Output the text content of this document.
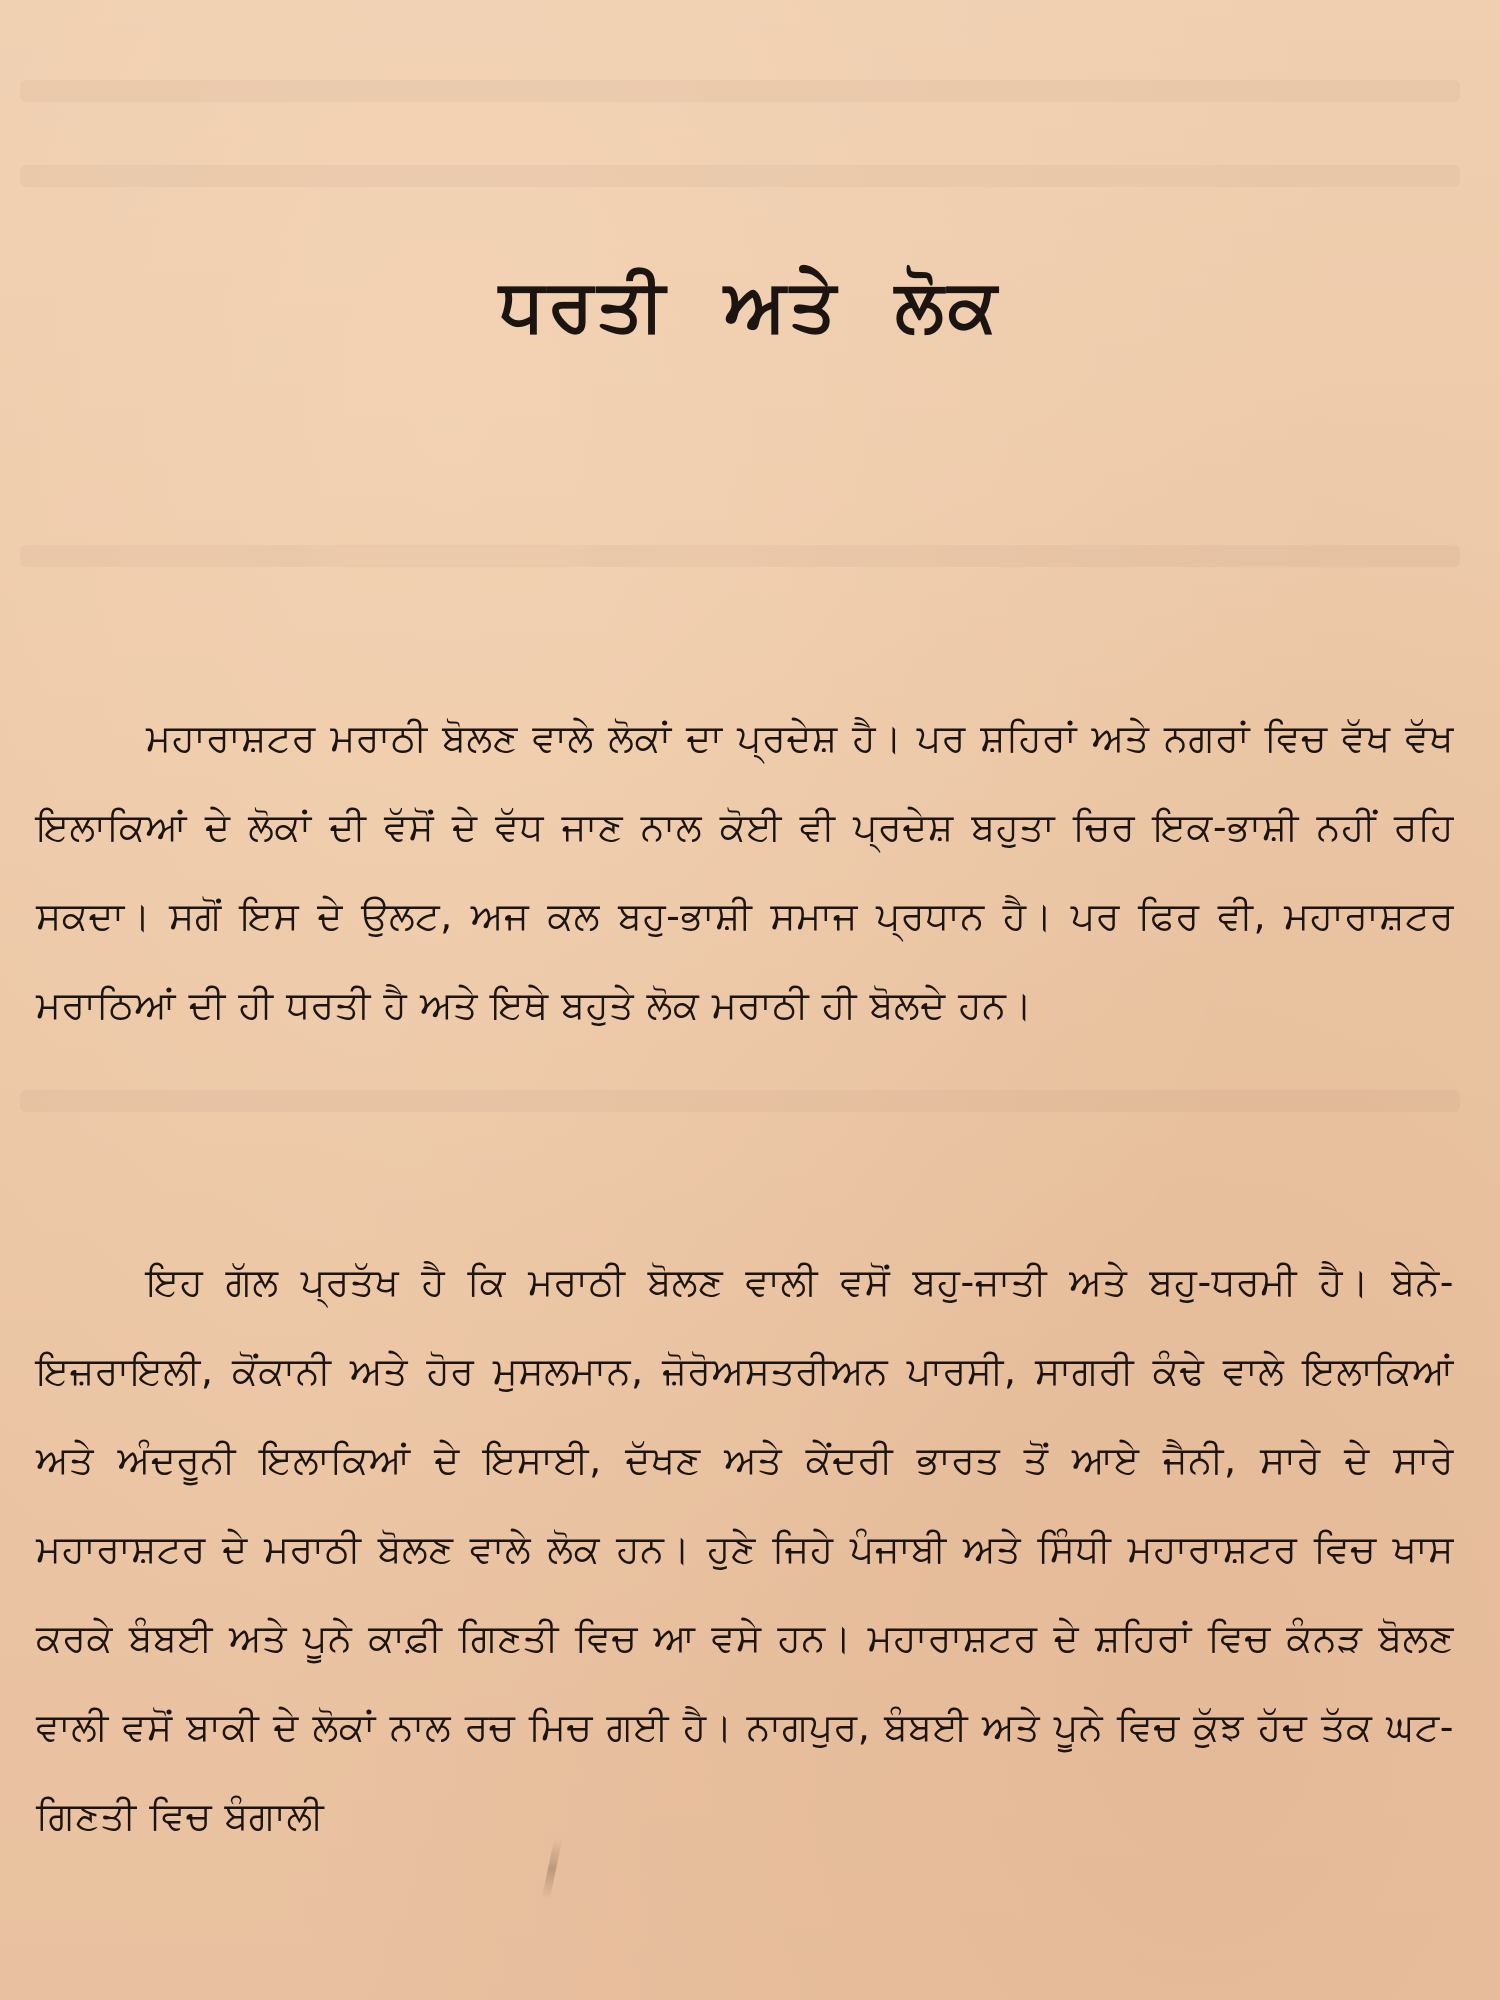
ਧਰਤੀ ਅਤੇ ਲੋਕ

ਮਹਾਰਾਸ਼ਟਰ ਮਰਾਠੀ ਬੋਲਣ ਵਾਲੇ ਲੋਕਾਂ ਦਾ ਪ੍ਰਦੇਸ਼ ਹੈ। ਪਰ ਸ਼ਹਿਰਾਂ ਅਤੇ ਨਗਰਾਂ ਵਿਚ ਵੱਖ ਵੱਖ ਇਲਾਕਿਆਂ ਦੇ ਲੋਕਾਂ ਦੀ ਵੱਸੋਂ ਦੇ ਵੱਧ ਜਾਣ ਨਾਲ ਕੋਈ ਵੀ ਪ੍ਰਦੇਸ਼ ਬਹੁਤਾ ਚਿਰ ਇਕ-ਭਾਸ਼ੀ ਨਹੀਂ ਰਹਿ ਸਕਦਾ। ਸਗੋਂ ਇਸ ਦੇ ਉਲਟ, ਅਜ ਕਲ ਬਹੁ-ਭਾਸ਼ੀ ਸਮਾਜ ਪ੍ਰਧਾਨ ਹੈ। ਪਰ ਫਿਰ ਵੀ, ਮਹਾਰਾਸ਼ਟਰ ਮਰਾਠਿਆਂ ਦੀ ਹੀ ਧਰਤੀ ਹੈ ਅਤੇ ਇਥੇ ਬਹੁਤੇ ਲੋਕ ਮਰਾਠੀ ਹੀ ਬੋਲਦੇ ਹਨ।

ਇਹ ਗੱਲ ਪ੍ਰਤੱਖ ਹੈ ਕਿ ਮਰਾਠੀ ਬੋਲਣ ਵਾਲੀ ਵਸੋਂ ਬਹੁ-ਜਾਤੀ ਅਤੇ ਬਹੁ-ਧਰਮੀ ਹੈ। ਬੇਨੇ-ਇਜ਼ਰਾਇਲੀ, ਕੋਂਕਾਨੀ ਅਤੇ ਹੋਰ ਮੁਸਲਮਾਨ, ਜ਼ੋਰੋਅਸਤਰੀਅਨ ਪਾਰਸੀ, ਸਾਗਰੀ ਕੰਢੇ ਵਾਲੇ ਇਲਾਕਿਆਂ ਅਤੇ ਅੰਦਰੂਨੀ ਇਲਾਕਿਆਂ ਦੇ ਇਸਾਈ, ਦੱਖਣ ਅਤੇ ਕੇਂਦਰੀ ਭਾਰਤ ਤੋਂ ਆਏ ਜੈਨੀ, ਸਾਰੇ ਦੇ ਸਾਰੇ ਮਹਾਰਾਸ਼ਟਰ ਦੇ ਮਰਾਠੀ ਬੋਲਣ ਵਾਲੇ ਲੋਕ ਹਨ। ਹੁਣੇ ਜਿਹੇ ਪੰਜਾਬੀ ਅਤੇ ਸਿੰਧੀ ਮਹਾਰਾਸ਼ਟਰ ਵਿਚ ਖਾਸ ਕਰਕੇ ਬੰਬਈ ਅਤੇ ਪੂਨੇ ਕਾਫ਼ੀ ਗਿਣਤੀ ਵਿਚ ਆ ਵਸੇ ਹਨ। ਮਹਾਰਾਸ਼ਟਰ ਦੇ ਸ਼ਹਿਰਾਂ ਵਿਚ ਕੰਨੜ ਬੋਲਣ ਵਾਲੀ ਵਸੋਂ ਬਾਕੀ ਦੇ ਲੋਕਾਂ ਨਾਲ ਰਚ ਮਿਚ ਗਈ ਹੈ। ਨਾਗਪੁਰ, ਬੰਬਈ ਅਤੇ ਪੂਨੇ ਵਿਚ ਕੁੱਝ ਹੱਦ ਤੱਕ ਘਟ-ਗਿਣਤੀ ਵਿਚ ਬੰਗਾਲੀ
